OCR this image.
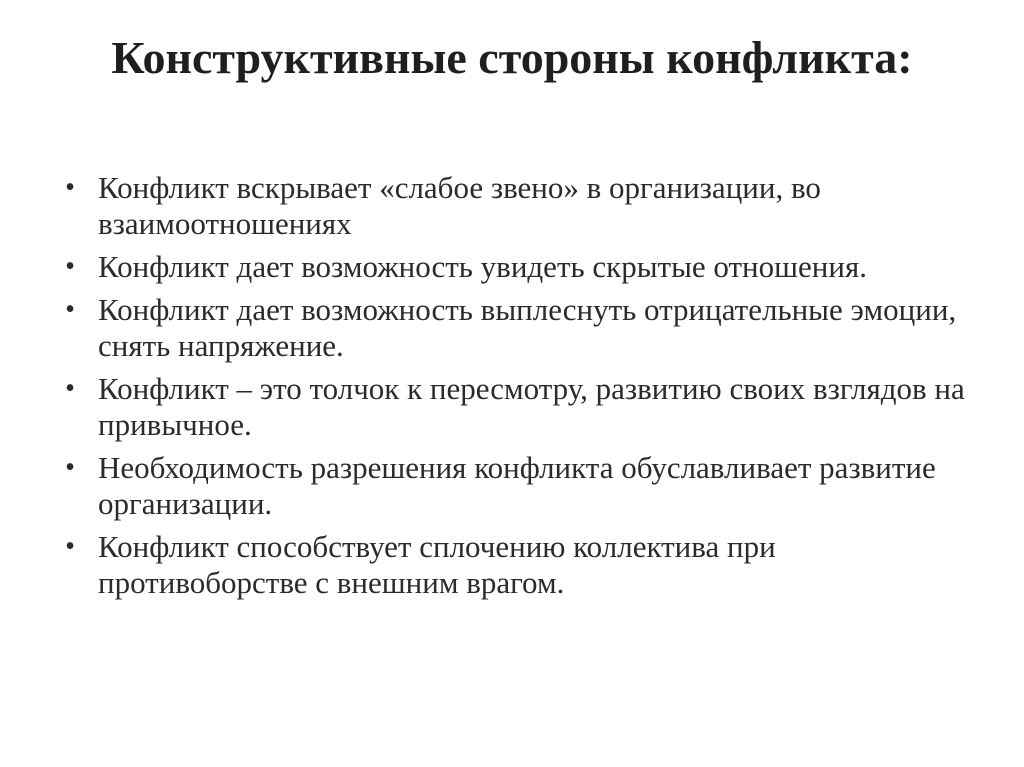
Конструктивные стороны конфликта:
• Конфликт вскрывает «слабое звено» в организации, во взаимоотношениях
• Конфликт дает возможность увидеть скрытые отношения.
• Конфликт дает возможность выплеснуть отрицательные эмоции, снять напряжение.
• Конфликт – это толчок к пересмотру, развитию своих взглядов на привычное.
• Необходимость разрешения конфликта обуславливает развитие организации.
• Конфликт способствует сплочению коллектива при противоборстве с внешним врагом.
